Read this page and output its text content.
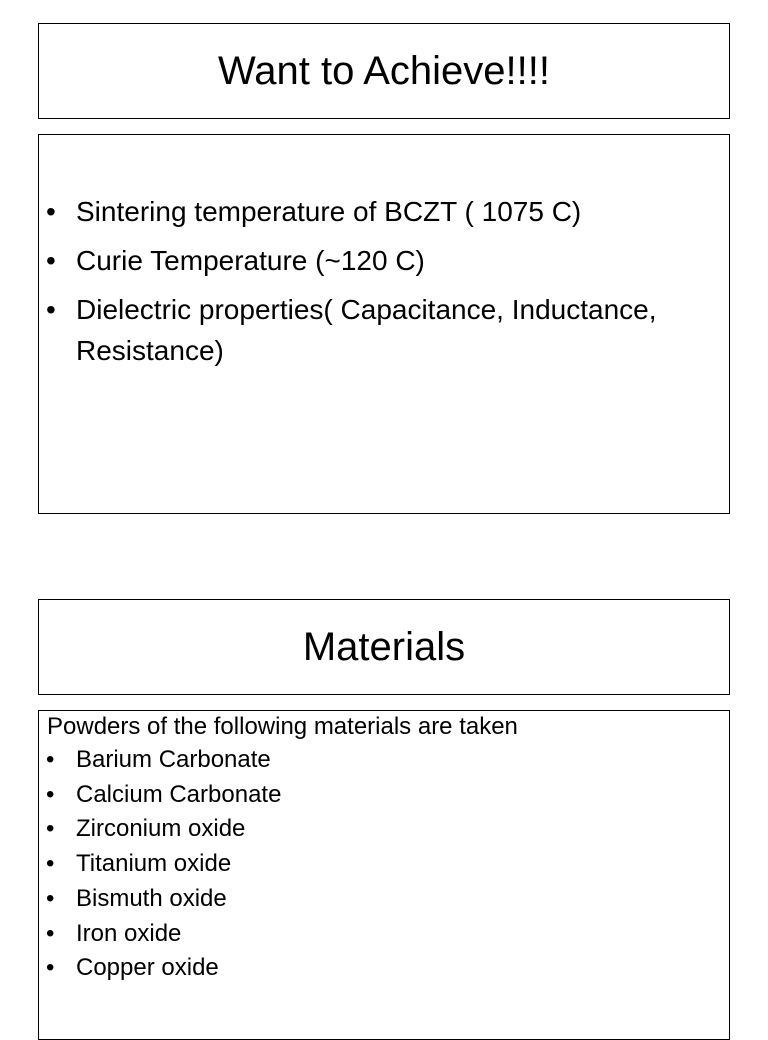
Want to Achieve!!!!
• Sintering temperature of BCZT ( 1075 C)
• Curie Temperature (~120 C)
• Dielectric properties( Capacitance, Inductance, Resistance)
Materials
Powders of the following materials are taken
• Barium Carbonate
• Calcium Carbonate
• Zirconium oxide
• Titanium oxide
• Bismuth oxide
• Iron oxide
• Copper oxide
